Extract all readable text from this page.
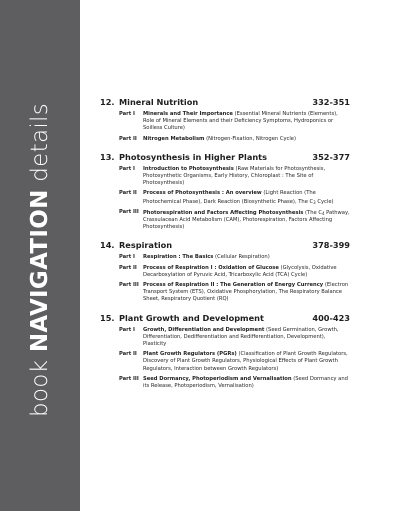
book NAVIGATION details
12. Mineral Nutrition	332-351
Part I	Minerals and Their Importance (Essential Mineral Nutrients (Elements), Role of Mineral Elements and their Deficiency Symptoms, Hydroponics or Soilless Culture)
Part II	Nitrogen Metabolism (Nitrogen-Fixation, Nitrogen Cycle)
13. Photosynthesis in Higher Plants	352-377
Part I	Introduction to Photosynthesis (Raw Materials for Photosynthesis, Photosynthetic Organisms, Early History, Chloroplast : The Site of Photosynthesis)
Part II	Process of Photosynthesis : An overview (Light Reaction (The Photochemical Phase), Dark Reaction (Biosynthetic Phase), The $C_3$ Cycle)
Part III Photorespiration and Factors Affecting Photosynthesis (The $C_4$ Pathway, Crassulacean Acid Metabolism (CAM), Photorespiration, Factors Affecting Photosynthesis)
14. Respiration	378-399
Part I	Respiration : The Basics (Cellular Respiration)
Part II	Process of Respiration I : Oxidation of Glucose (Glycolysis, Oxidative Decarboxylation of Pyruvic Acid, Tricarboxylic Acid (TCA) Cycle)
Part III Process of Respiration II : The Generation of Energy Currency (Electron Transport System (ETS), Oxidative Phosphorylation, The Respiratory Balance Sheet, Respiratory Quotient (RQ)
15. Plant Growth and Development	400-423
Part I	Growth, Differentiation and Development (Seed Germination, Growth, Differentiation, Dedifferentiation and Redifferentiation, Development), Plasticity
Part II	Plant Growth Regulators (PGRs) (Classification of Plant Growth Regulators, Discovery of Plant Growth Regulators, Physiological Effects of Plant Growth Regulators, Interaction between Growth Regulators)
Part III Seed Dormancy, Photoperiodism and Vernalisation (Seed Dormancy and its Release, Photoperiodism, Vernalisation)
